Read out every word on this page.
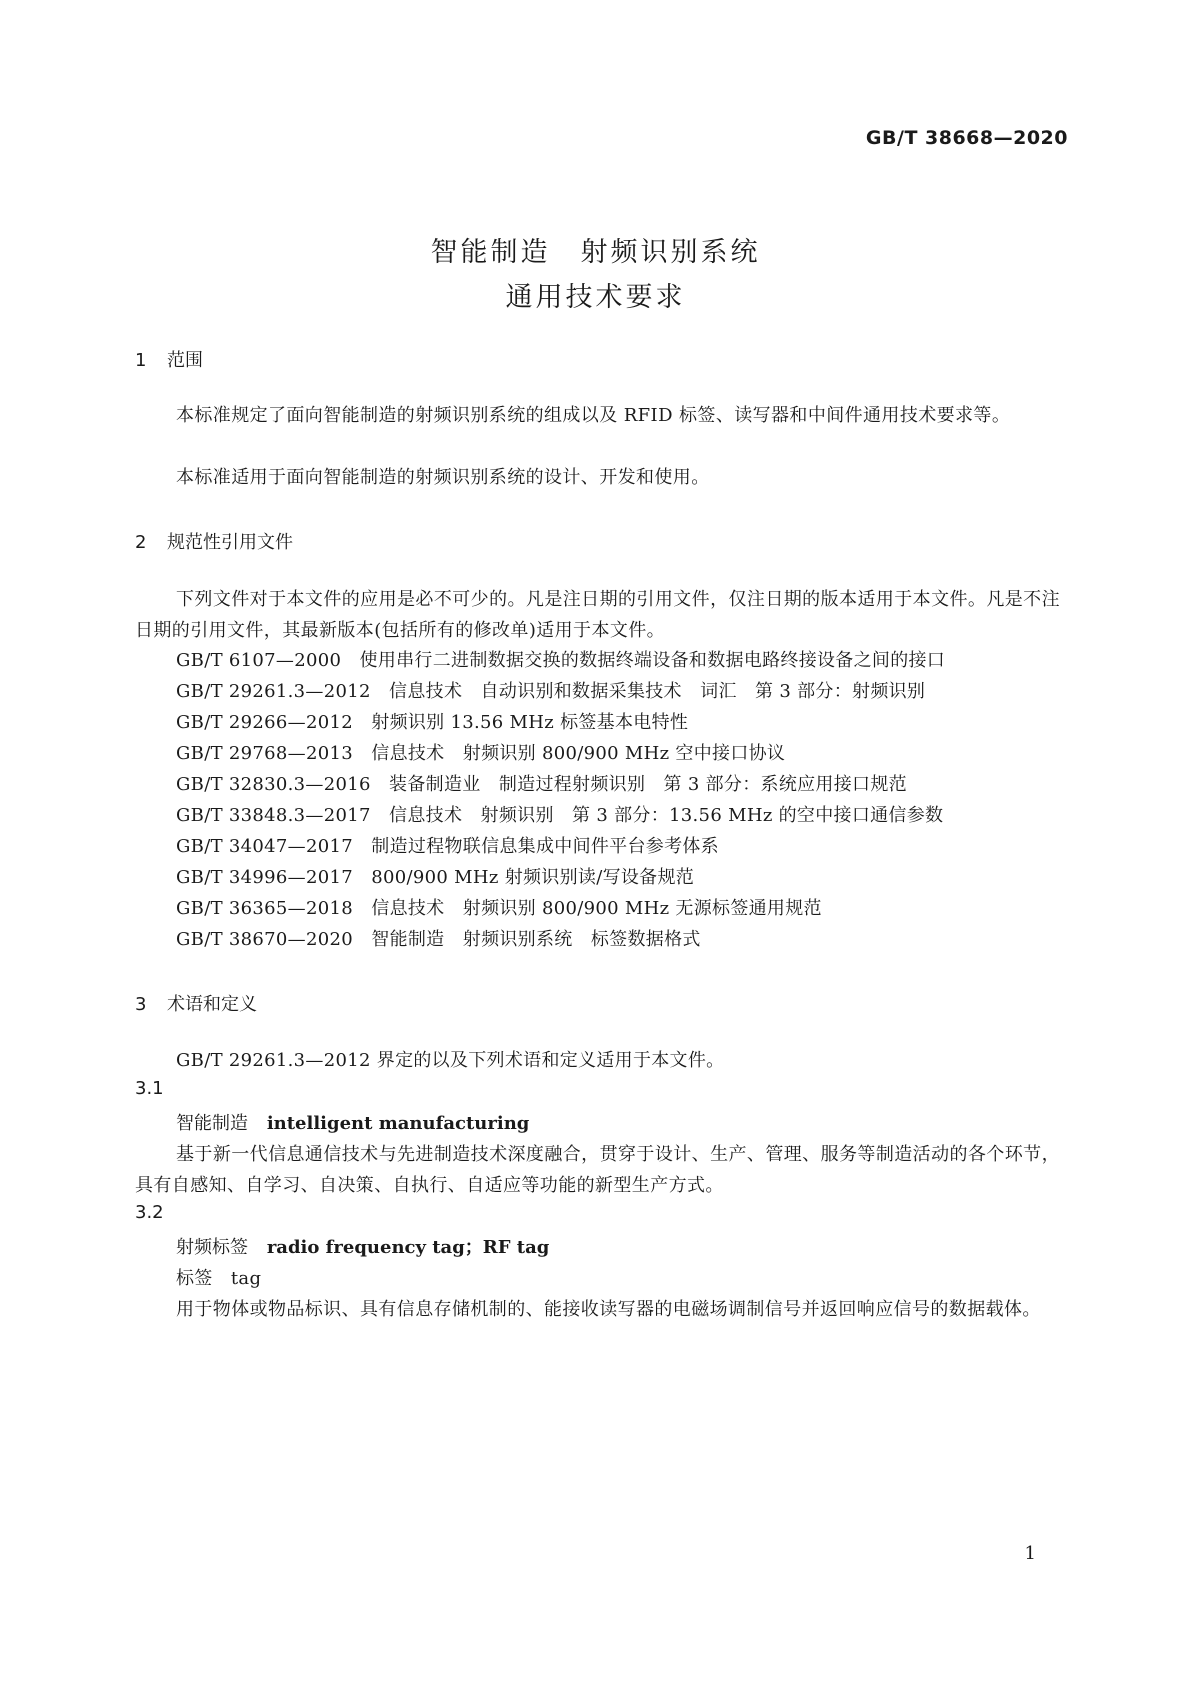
GB/T 38668—2020
智能制造　射频识别系统
通用技术要求
1 范围
本标准规定了面向智能制造的射频识别系统的组成以及 RFID 标签、读写器和中间件通用技术要求等。
本标准适用于面向智能制造的射频识别系统的设计、开发和使用。
2 规范性引用文件
下列文件对于本文件的应用是必不可少的。凡是注日期的引用文件，仅注日期的版本适用于本文件。凡是不注日期的引用文件，其最新版本(包括所有的修改单)适用于本文件。
GB/T 6107—2000　使用串行二进制数据交换的数据终端设备和数据电路终接设备之间的接口
GB/T 29261.3—2012　信息技术　自动识别和数据采集技术　词汇　第 3 部分：射频识别
GB/T 29266—2012　射频识别 13.56 MHz 标签基本电特性
GB/T 29768—2013　信息技术　射频识别 800/900 MHz 空中接口协议
GB/T 32830.3—2016　装备制造业　制造过程射频识别　第 3 部分：系统应用接口规范
GB/T 33848.3—2017　信息技术　射频识别　第 3 部分：13.56 MHz 的空中接口通信参数
GB/T 34047—2017　制造过程物联信息集成中间件平台参考体系
GB/T 34996—2017　800/900 MHz 射频识别读/写设备规范
GB/T 36365—2018　信息技术　射频识别 800/900 MHz 无源标签通用规范
GB/T 38670—2020　智能制造　射频识别系统　标签数据格式
3 术语和定义
GB/T 29261.3—2012 界定的以及下列术语和定义适用于本文件。
3.1
智能制造 intelligent manufacturing
基于新一代信息通信技术与先进制造技术深度融合，贯穿于设计、生产、管理、服务等制造活动的各个环节，具有自感知、自学习、自决策、自执行、自适应等功能的新型生产方式。
3.2
射频标签 radio frequency tag；RF tag
标签　tag
用于物体或物品标识、具有信息存储机制的、能接收读写器的电磁场调制信号并返回响应信号的数据载体。
1
